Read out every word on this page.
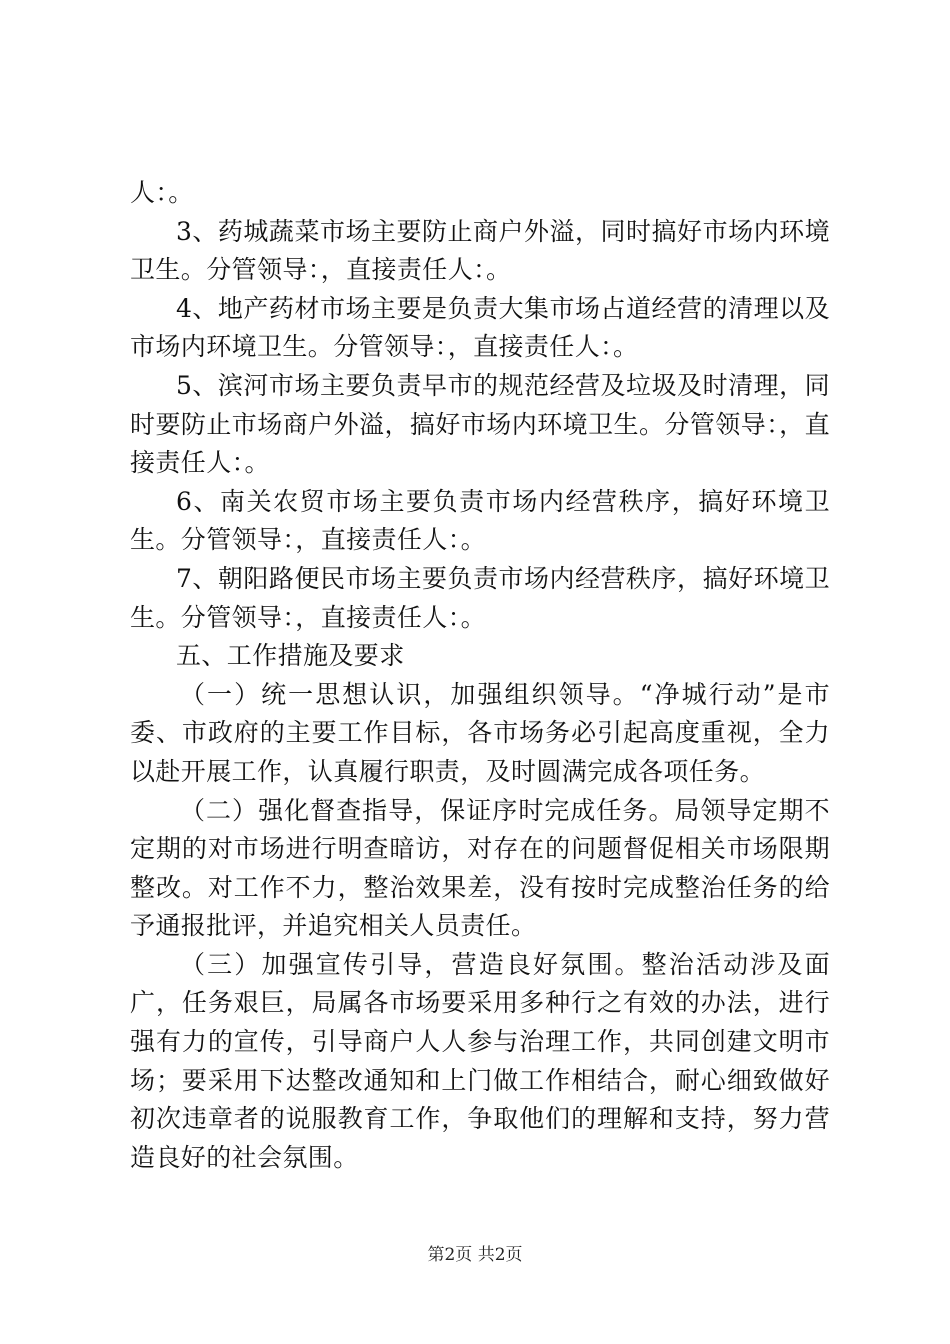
人：。

3、药城蔬菜市场主要防止商户外溢，同时搞好市场内环境卫生。分管领导：，直接责任人：。

4、地产药材市场主要是负责大集市场占道经营的清理以及市场内环境卫生。分管领导：，直接责任人：。

5、滨河市场主要负责早市的规范经营及垃圾及时清理，同时要防止市场商户外溢，搞好市场内环境卫生。分管领导：，直接责任人：。

6、南关农贸市场主要负责市场内经营秩序，搞好环境卫生。分管领导：，直接责任人：。

7、朝阳路便民市场主要负责市场内经营秩序，搞好环境卫生。分管领导：，直接责任人：。

五、工作措施及要求

（一）统一思想认识，加强组织领导。“净城行动”是市委、市政府的主要工作目标，各市场务必引起高度重视，全力以赴开展工作，认真履行职责，及时圆满完成各项任务。

（二）强化督查指导，保证序时完成任务。局领导定期不定期的对市场进行明查暗访，对存在的问题督促相关市场限期整改。对工作不力，整治效果差，没有按时完成整治任务的给予通报批评，并追究相关人员责任。

（三）加强宣传引导，营造良好氛围。整治活动涉及面广，任务艰巨，局属各市场要采用多种行之有效的办法，进行强有力的宣传，引导商户人人参与治理工作，共同创建文明市场；要采用下达整改通知和上门做工作相结合，耐心细致做好初次违章者的说服教育工作，争取他们的理解和支持，努力营造良好的社会氛围。

第2页 共2页
